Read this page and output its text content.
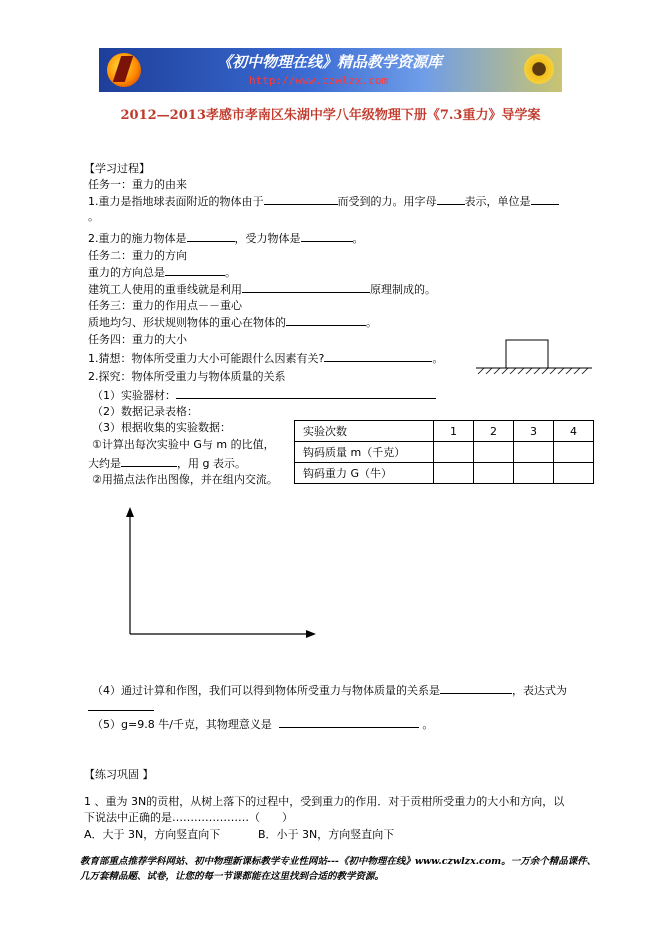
《初中物理在线》精品教学资源库
http://www.czwlzx.com
2012—2013孝感市孝南区朱湖中学八年级物理下册《7.3重力》导学案
【学习过程】
任务一：重力的由来
1.重力是指地球表面附近的物体由于	而受到的力。用字母	表示，单位是
。
2.重力的施力物体是	，受力物体是	。
任务二：重力的方向
重力的方向总是	。
建筑工人使用的重垂线就是利用	原理制成的。
任务三：重力的作用点－－重心
质地均匀、形状规则物体的重心在物体的	。
任务四：重力的大小
1.猜想：物体所受重力大小可能跟什么因素有关?	。
2.探究：物体所受重力与物体质量的关系
（1）实验器材：
（2）数据记录表格：
（3）根据收集的实验数据：
①计算出每次实验中 G与 m 的比值，
大约是	，用 g 表示。
②用描点法作出图像，并在组内交流。
实验次数	1	2	3	4
钩码质量 m（千克）				
钩码重力 G（牛）				
（4）通过计算和作图，我们可以得到物体所受重力与物体质量的关系是	，表达式为
（5）g=9.8 牛/千克，其物理意义是	。
【练习巩固 】
1 、重为 3N的贡柑，从树上落下的过程中，受到重力的作用．对于贡柑所受重力的大小和方向，以
下说法中正确的是…………………（　　）
A．大于 3N，方向竖直向下	B．小于 3N，方向竖直向下
教育部重点推荐学科网站、初中物理新课标教学专业性网站---《初中物理在线》www.czwlzx.com。一万余个精品课件、几万套精品题、试卷，让您的每一节课都能在这里找到合适的教学资源。
